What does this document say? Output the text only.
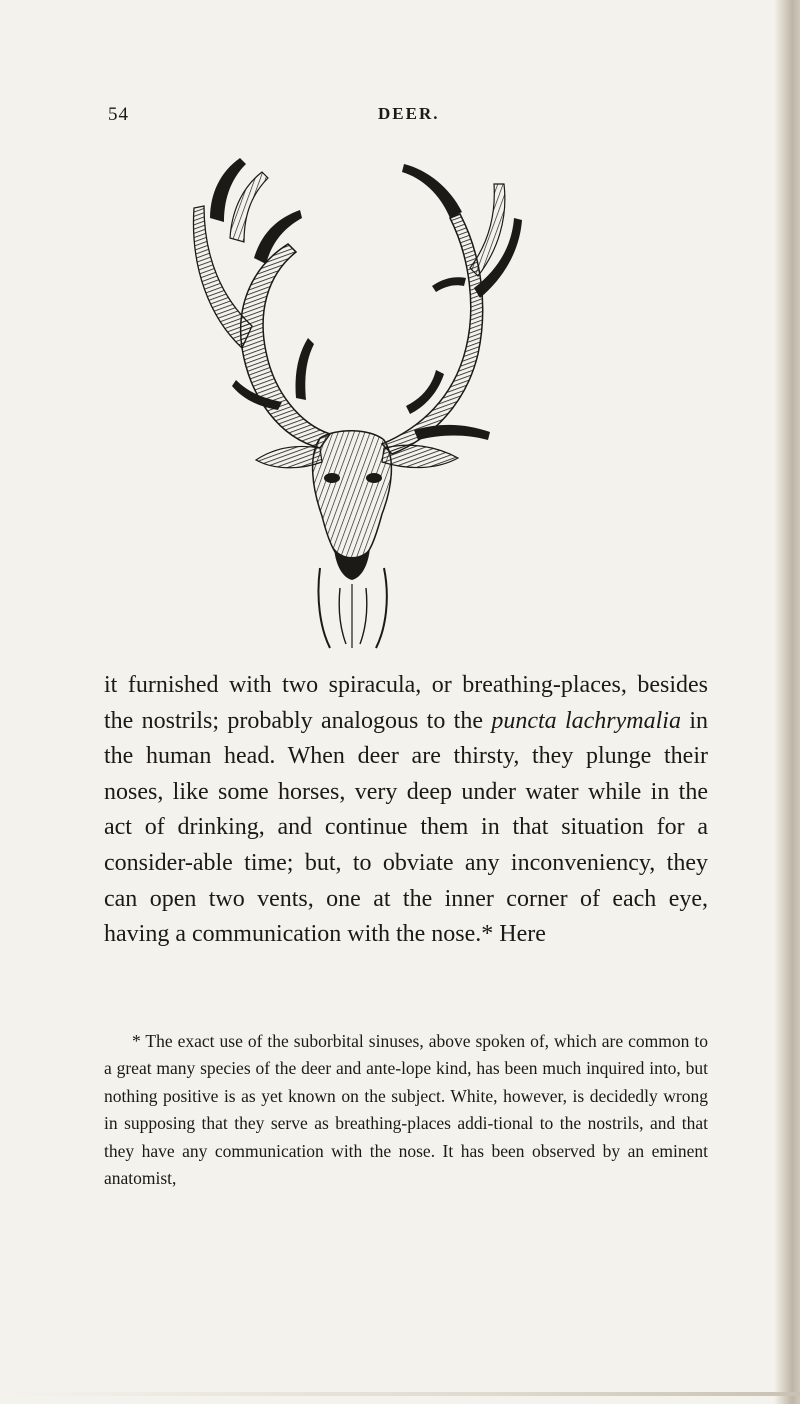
54	DEER.

it furnished with two spiracula, or breathing-places, besides the nostrils; probably analogous to the puncta lachrymalia in the human head. When deer are thirsty, they plunge their noses, like some horses, very deep under water while in the act of drinking, and continue them in that situation for a consider-able time; but, to obviate any inconveniency, they can open two vents, one at the inner corner of each eye, having a communication with the nose.* Here

* The exact use of the suborbital sinuses, above spoken of, which are common to a great many species of the deer and ante-lope kind, has been much inquired into, but nothing positive is as yet known on the subject. White, however, is decidedly wrong in supposing that they serve as breathing-places addi-tional to the nostrils, and that they have any communication with the nose. It has been observed by an eminent anatomist,
